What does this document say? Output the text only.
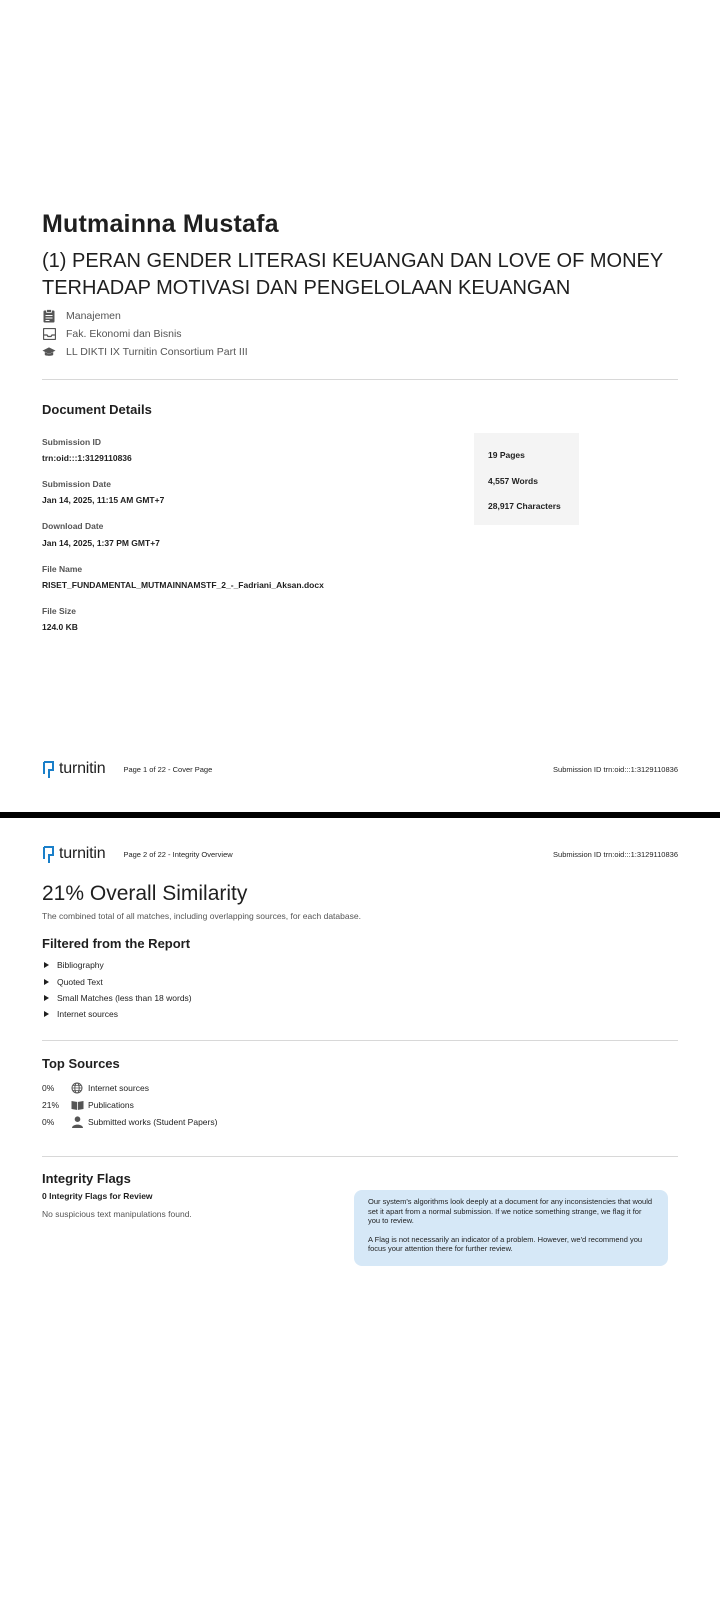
Mutmainna Mustafa
(1) PERAN GENDER LITERASI KEUANGAN DAN LOVE OF MONEY TERHADAP MOTIVASI DAN PENGELOLAAN KEUANGAN
Manajemen
Fak. Ekonomi dan Bisnis
LL DIKTI IX Turnitin Consortium Part III
Document Details
Submission ID
trn:oid:::1:3129110836
Submission Date
Jan 14, 2025, 11:15 AM GMT+7
Download Date
Jan 14, 2025, 1:37 PM GMT+7
File Name
RISET_FUNDAMENTAL_MUTMAINNAMSTF_2_-_Fadriani_Aksan.docx
File Size
124.0 KB
19 Pages
4,557 Words
28,917 Characters
turnitin Page 1 of 22 - Cover Page	Submission ID trn:oid:::1:3129110836
turnitin Page 2 of 22 - Integrity Overview	Submission ID trn:oid:::1:3129110836
21% Overall Similarity
The combined total of all matches, including overlapping sources, for each database.
Filtered from the Report
Bibliography
Quoted Text
Small Matches (less than 18 words)
Internet sources
Top Sources
0%	Internet sources
21%	Publications
0%	Submitted works (Student Papers)
Integrity Flags
0 Integrity Flags for Review
No suspicious text manipulations found.

Our system's algorithms look deeply at a document for any inconsistencies that would set it apart from a normal submission. If we notice something strange, we flag it for you to review.

A Flag is not necessarily an indicator of a problem. However, we'd recommend you focus your attention there for further review.
